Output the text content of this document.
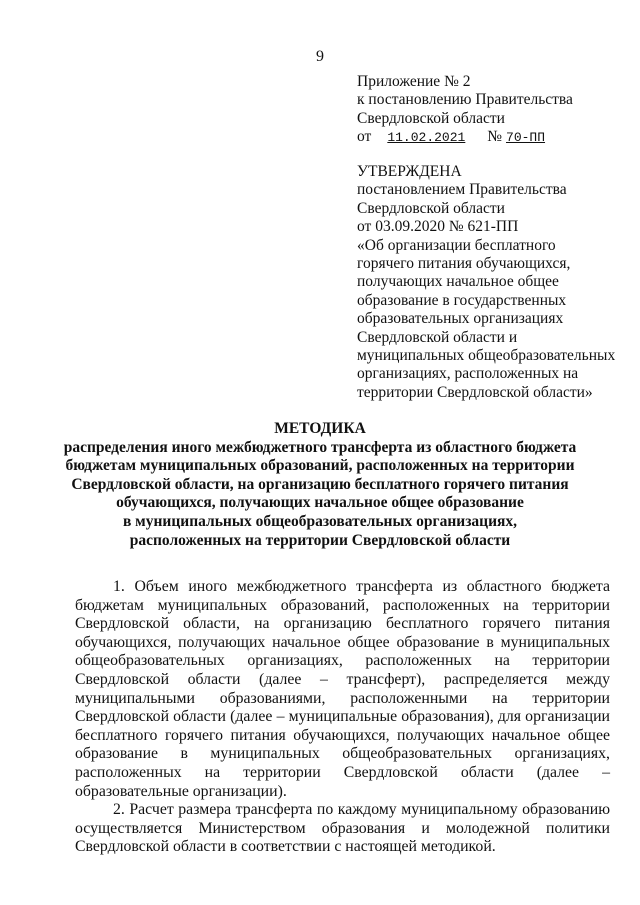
9
Приложение № 2
к постановлению Правительства
Свердловской области
от 11.02.2021 № 70-ПП
УТВЕРЖДЕНА
постановлением Правительства
Свердловской области
от 03.09.2020 № 621-ПП
«Об организации бесплатного
горячего питания обучающихся,
получающих начальное общее
образование в государственных
образовательных организациях
Свердловской области и
муниципальных общеобразовательных
организациях, расположенных на
территории Свердловской области»
МЕТОДИКА
распределения иного межбюджетного трансферта из областного бюджета
бюджетам муниципальных образований, расположенных на территории
Свердловской области, на организацию бесплатного горячего питания
обучающихся, получающих начальное общее образование
в муниципальных общеобразовательных организациях,
расположенных на территории Свердловской области

1. Объем иного межбюджетного трансферта из областного бюджета бюджетам муниципальных образований, расположенных на территории Свердловской области, на организацию бесплатного горячего питания обучающихся, получающих начальное общее образование в муниципальных общеобразовательных организациях, расположенных на территории Свердловской области (далее – трансферт), распределяется между муниципальными образованиями, расположенными на территории Свердловской области (далее – муниципальные образования), для организации бесплатного горячего питания обучающихся, получающих начальное общее образование в муниципальных общеобразовательных организациях, расположенных на территории Свердловской области (далее – образовательные организации).

2. Расчет размера трансферта по каждому муниципальному образованию осуществляется Министерством образования и молодежной политики Свердловской области в соответствии с настоящей методикой.
